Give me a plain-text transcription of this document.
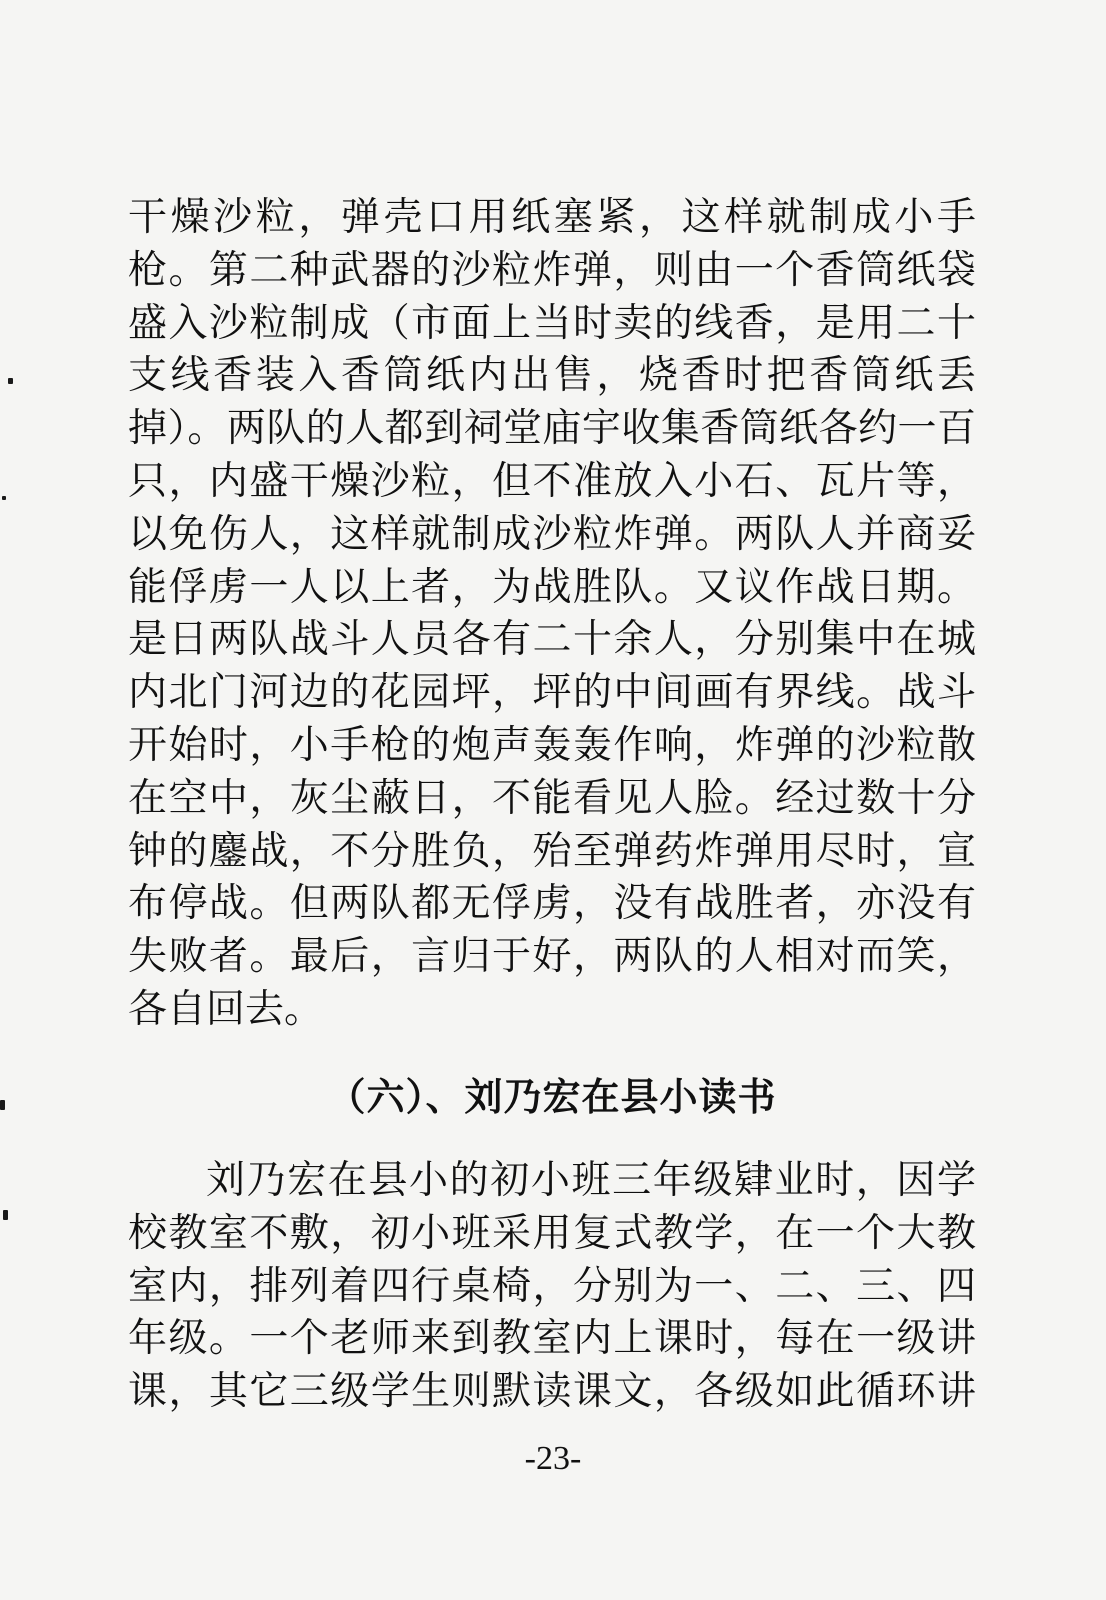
干燥沙粒，弹壳口用纸塞紧，这样就制成小手
枪。第二种武器的沙粒炸弹，则由一个香筒纸袋
盛入沙粒制成（市面上当时卖的线香，是用二十
支线香装入香筒纸内出售，烧香时把香筒纸丢
掉）。两队的人都到祠堂庙宇收集香筒纸各约一百
只，内盛干燥沙粒，但不准放入小石、瓦片等，
以免伤人，这样就制成沙粒炸弹。两队人并商妥
能俘虏一人以上者，为战胜队。又议作战日期。
是日两队战斗人员各有二十余人，分别集中在城
内北门河边的花园坪，坪的中间画有界线。战斗
开始时，小手枪的炮声轰轰作响，炸弹的沙粒散
在空中，灰尘蔽日，不能看见人脸。经过数十分
钟的鏖战，不分胜负，殆至弹药炸弹用尽时，宣
布停战。但两队都无俘虏，没有战胜者，亦没有
失败者。最后，言归于好，两队的人相对而笑，
各自回去。
（六）、刘乃宏在县小读书
刘乃宏在县小的初小班三年级肄业时，因学
校教室不敷，初小班采用复式教学，在一个大教
室内，排列着四行桌椅，分别为一、二、三、四
年级。一个老师来到教室内上课时，每在一级讲
课，其它三级学生则默读课文，各级如此循环讲
-23-
